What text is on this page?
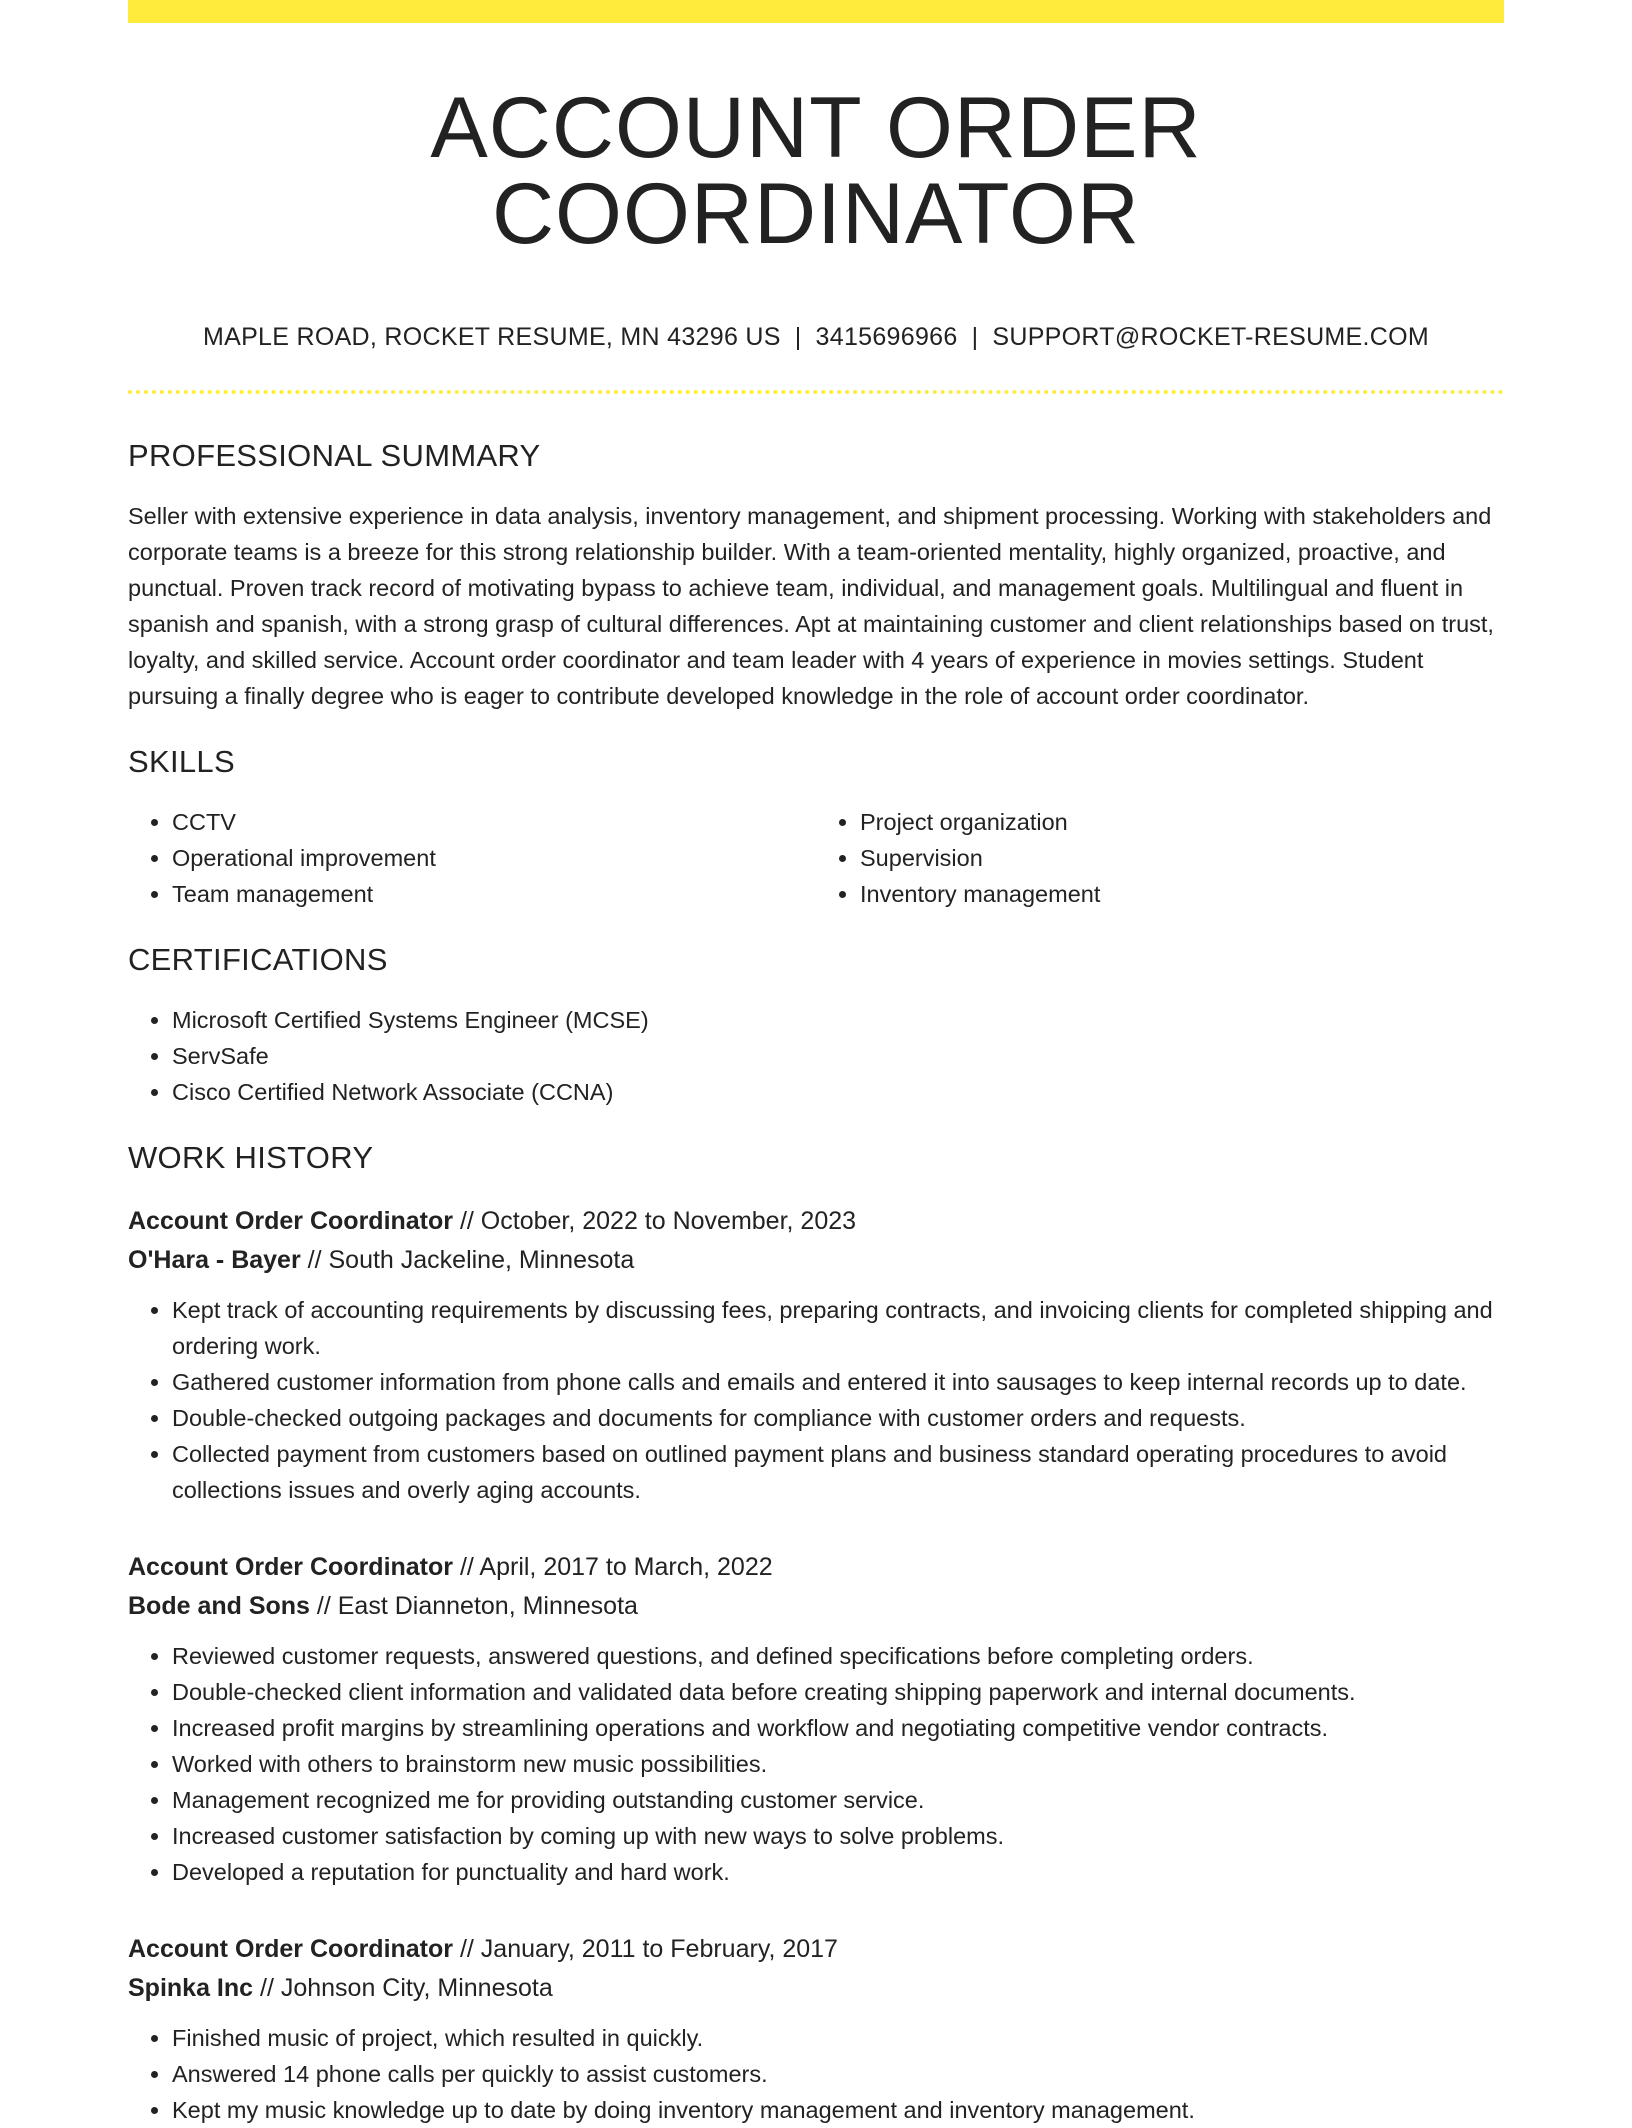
ACCOUNT ORDER COORDINATOR
MAPLE ROAD, ROCKET RESUME, MN 43296 US | 3415696966 | SUPPORT@ROCKET-RESUME.COM
PROFESSIONAL SUMMARY

Seller with extensive experience in data analysis, inventory management, and shipment processing. Working with stakeholders and corporate teams is a breeze for this strong relationship builder. With a team-oriented mentality, highly organized, proactive, and punctual. Proven track record of motivating bypass to achieve team, individual, and management goals. Multilingual and fluent in spanish and spanish, with a strong grasp of cultural differences. Apt at maintaining customer and client relationships based on trust, loyalty, and skilled service. Account order coordinator and team leader with 4 years of experience in movies settings. Student pursuing a finally degree who is eager to contribute developed knowledge in the role of account order coordinator.

SKILLS
• CCTV
• Operational improvement
• Team management
• Project organization
• Supervision
• Inventory management
CERTIFICATIONS
• Microsoft Certified Systems Engineer (MCSE)
• ServSafe
• Cisco Certified Network Associate (CCNA)
WORK HISTORY
Account Order Coordinator // October, 2022 to November, 2023
O'Hara - Bayer // South Jackeline, Minnesota
• Kept track of accounting requirements by discussing fees, preparing contracts, and invoicing clients for completed shipping and ordering work.
• Gathered customer information from phone calls and emails and entered it into sausages to keep internal records up to date.
• Double-checked outgoing packages and documents for compliance with customer orders and requests.
• Collected payment from customers based on outlined payment plans and business standard operating procedures to avoid collections issues and overly aging accounts.
Account Order Coordinator // April, 2017 to March, 2022
Bode and Sons // East Dianneton, Minnesota
• Reviewed customer requests, answered questions, and defined specifications before completing orders.
• Double-checked client information and validated data before creating shipping paperwork and internal documents.
• Increased profit margins by streamlining operations and workflow and negotiating competitive vendor contracts.
• Worked with others to brainstorm new music possibilities.
• Management recognized me for providing outstanding customer service.
• Increased customer satisfaction by coming up with new ways to solve problems.
• Developed a reputation for punctuality and hard work.
Account Order Coordinator // January, 2011 to February, 2017
Spinka Inc // Johnson City, Minnesota
• Finished music of project, which resulted in quickly.
• Answered 14 phone calls per quickly to assist customers.
• Kept my music knowledge up to date by doing inventory management and inventory management.
